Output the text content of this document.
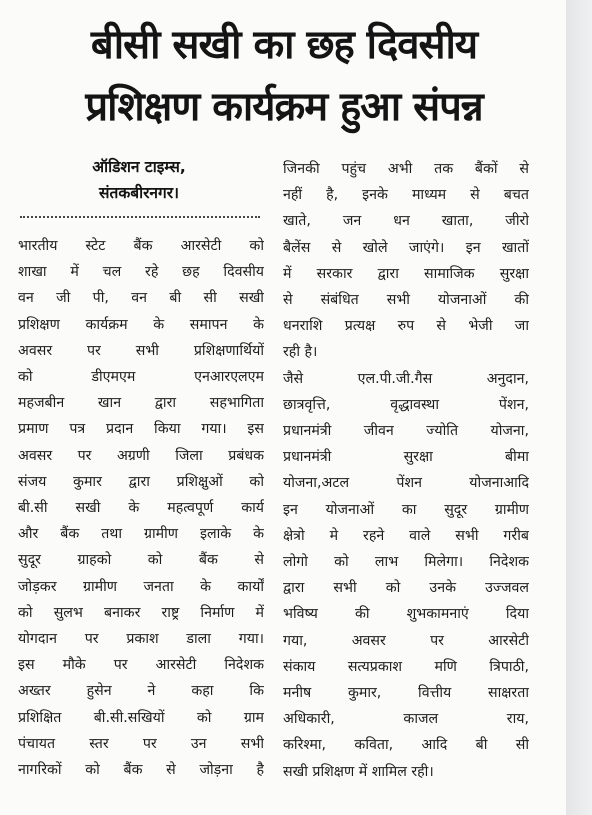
बीसी सखी का छह दिवसीय
प्रशिक्षण कार्यक्रम हुआ संपन्न
ऑडिशन टाइम्स,
संतकबीरनगर।
भारतीय स्टेट बैंक आरसेटी को
शाखा में चल रहे छह दिवसीय
वन जी पी, वन बी सी सखी
प्रशिक्षण कार्यक्रम के समापन के
अवसर पर सभी प्रशिक्षणार्थियों
को डीएमएम एनआरएलएम
महजबीन खान द्वारा सहभागिता
प्रमाण पत्र प्रदान किया गया। इस
अवसर पर अग्रणी जिला प्रबंधक
संजय कुमार द्वारा प्रशिक्षुओं को
बी.सी सखी के महत्वपूर्ण कार्य
और बैंक तथा ग्रामीण इलाके के
सुदूर ग्राहको को बैंक से
जोड़कर ग्रामीण जनता के कार्यों
को सुलभ बनाकर राष्ट्र निर्माण में
योगदान पर प्रकाश डाला गया।
इस मौके पर आरसेटी निदेशक
अख्तर हुसेन ने कहा कि
प्रशिक्षित बी.सी.सखियों को ग्राम
पंचायत स्तर पर उन सभी
नागरिकों को बैंक से जोड़ना है
जिनकी पहुंच अभी तक बैंकों से
नहीं है, इनके माध्यम से बचत
खाते, जन धन खाता, जीरो
बैलेंस से खोले जाएंगे। इन खातों
में सरकार द्वारा सामाजिक सुरक्षा
से संबंधित सभी योजनाओं की
धनराशि प्रत्यक्ष रुप से भेजी जा
रही है।
जैसे एल.पी.जी.गैस अनुदान,
छात्रवृत्ति, वृद्धावस्था पेंशन,
प्रधानमंत्री जीवन ज्योति योजना,
प्रधानमंत्री सुरक्षा बीमा
योजना,अटल पेंशन योजनाआदि
इन योजनाओं का सुदूर ग्रामीण
क्षेत्रो मे रहने वाले सभी गरीब
लोगो को लाभ मिलेगा। निदेशक
द्वारा सभी को उनके उज्जवल
भविष्य की शुभकामनाएं दिया
गया, अवसर पर आरसेटी
संकाय सत्यप्रकाश मणि त्रिपाठी,
मनीष कुमार, वित्तीय साक्षरता
अधिकारी, काजल राय,
करिश्मा, कविता, आदि बी सी
सखी प्रशिक्षण में शामिल रही।
